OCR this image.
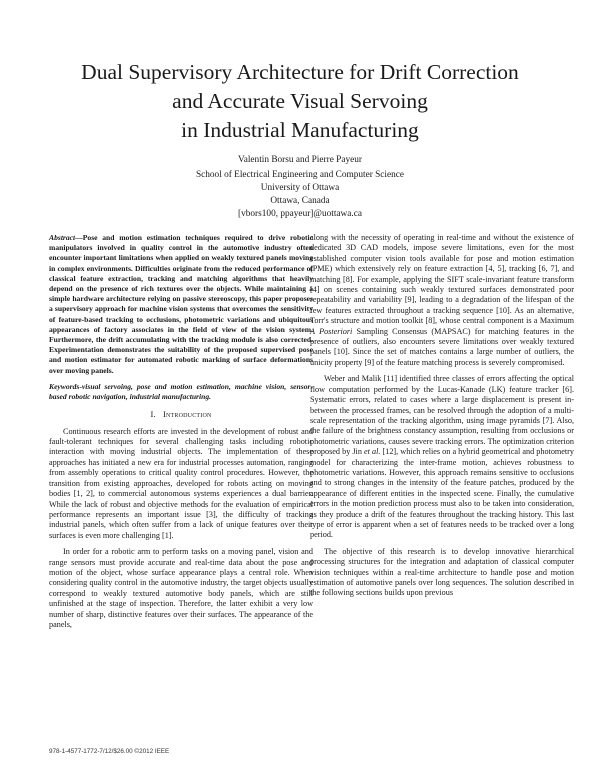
Dual Supervisory Architecture for Drift Correction
and Accurate Visual Servoing
in Industrial Manufacturing
Valentin Borsu and Pierre Payeur
School of Electrical Engineering and Computer Science
University of Ottawa
Ottawa, Canada
[vbors100, ppayeur]@uottawa.ca

Abstract—Pose and motion estimation techniques required to drive robotic manipulators involved in quality control in the automotive industry often encounter important limitations when applied on weakly textured panels moving in complex environments. Difficulties originate from the reduced performance of classical feature extraction, tracking and matching algorithms that heavily depend on the presence of rich textures over the objects. While maintaining a simple hardware architecture relying on passive stereoscopy, this paper proposes a supervisory approach for machine vision systems that overcomes the sensitivity of feature-based tracking to occlusions, photometric variations and ubiquitous appearances of factory associates in the field of view of the vision system. Furthermore, the drift accumulating with the tracking module is also corrected. Experimentation demonstrates the suitability of the proposed supervised pose and motion estimator for automated robotic marking of surface deformations over moving panels.

Keywords-visual servoing, pose and motion estimation, machine vision, sensor-based robotic navigation, industrial manufacturing.

I. Introduction

Continuous research efforts are invested in the development of robust and fault-tolerant techniques for several challenging tasks including robotic interaction with moving industrial objects. The implementation of these approaches has initiated a new era for industrial processes automation, ranging from assembly operations to critical quality control procedures. However, the transition from existing approaches, developed for robots acting on moving bodies [1, 2], to commercial autonomous systems experiences a dual barrier. While the lack of robust and objective methods for the evaluation of empirical performance represents an important issue [3], the difficulty of tracking industrial panels, which often suffer from a lack of unique features over their surfaces is even more challenging [1].

In order for a robotic arm to perform tasks on a moving panel, vision and range sensors must provide accurate and real-time data about the pose and motion of the object, whose surface appearance plays a central role. When considering quality control in the automotive industry, the target objects usually correspond to weakly textured automotive body panels, which are still unfinished at the stage of inspection. Therefore, the latter exhibit a very low number of sharp, distinctive features over their surfaces. The appearance of the panels,

along with the necessity of operating in real-time and without the existence of dedicated 3D CAD models, impose severe limitations, even for the most established computer vision tools available for pose and motion estimation (PME) which extensively rely on feature extraction [4, 5], tracking [6, 7], and matching [8]. For example, applying the SIFT scale-invariant feature transform [4] on scenes containing such weakly textured surfaces demonstrated poor repeatability and variability [9], leading to a degradation of the lifespan of the few features extracted throughout a tracking sequence [10]. As an alternative, Torr's structure and motion toolkit [8], whose central component is a Maximum A Posteriori Sampling Consensus (MAPSAC) for matching features in the presence of outliers, also encounters severe limitations over weakly textured panels [10]. Since the set of matches contains a large number of outliers, the unicity property [9] of the feature matching process is severely compromised.

Weber and Malik [11] identified three classes of errors affecting the optical flow computation performed by the Lucas-Kanade (LK) feature tracker [6]. Systematic errors, related to cases where a large displacement is present in-between the processed frames, can be resolved through the adoption of a multi-scale representation of the tracking algorithm, using image pyramids [7]. Also, the failure of the brightness constancy assumption, resulting from occlusions or photometric variations, causes severe tracking errors. The optimization criterion proposed by Jin et al. [12], which relies on a hybrid geometrical and photometry model for characterizing the inter-frame motion, achieves robustness to photometric variations. However, this approach remains sensitive to occlusions and to strong changes in the intensity of the feature patches, produced by the appearance of different entities in the inspected scene. Finally, the cumulative errors in the motion prediction process must also to be taken into consideration, as they produce a drift of the features throughout the tracking history. This last type of error is apparent when a set of features needs to be tracked over a long period.

The objective of this research is to develop innovative hierarchical processing structures for the integration and adaptation of classical computer vision techniques within a real-time architecture to handle pose and motion estimation of automotive panels over long sequences. The solution described in the following sections builds upon previous

978-1-4577-1772-7/12/$26.00 ©2012 IEEE
